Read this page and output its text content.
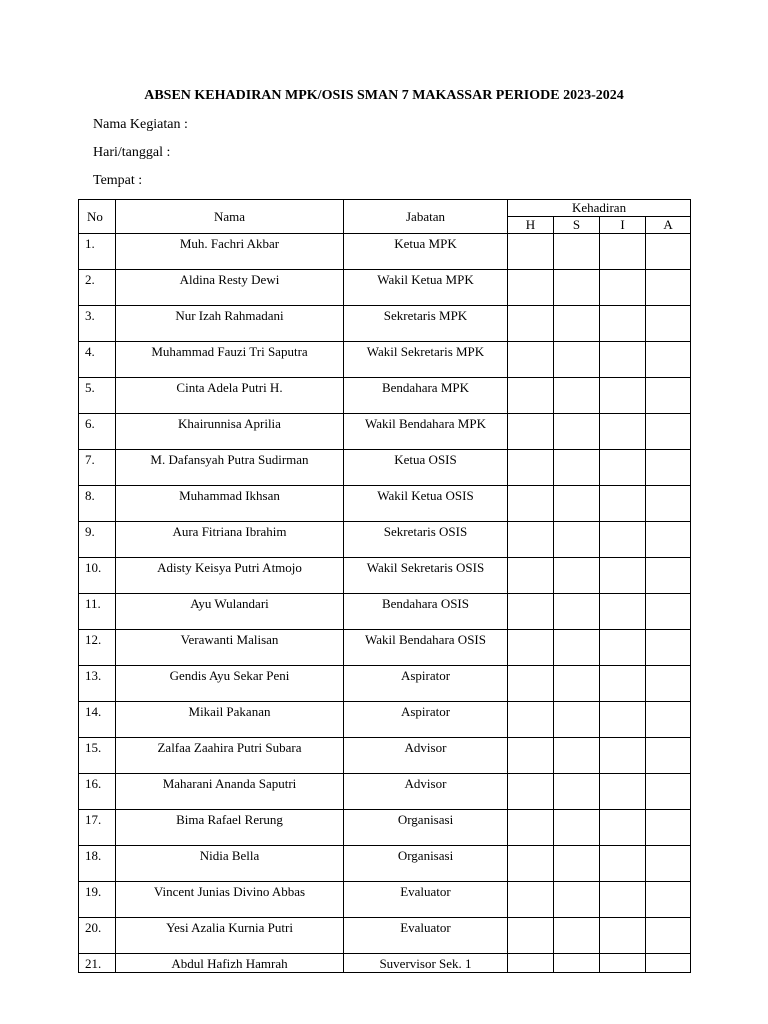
ABSEN KEHADIRAN MPK/OSIS SMAN 7 MAKASSAR PERIODE 2023-2024
Nama Kegiatan :
Hari/tanggal :
Tempat :
No	Nama	Jabatan	Kehadiran			
			H	S	I	A
1.	Muh. Fachri Akbar	Ketua MPK				
2.	Aldina Resty Dewi	Wakil Ketua MPK				
3.	Nur Izah Rahmadani	Sekretaris MPK				
4.	Muhammad Fauzi Tri Saputra	Wakil Sekretaris MPK				
5.	Cinta Adela Putri H.	Bendahara MPK				
6.	Khairunnisa Aprilia	Wakil Bendahara MPK				
7.	M. Dafansyah Putra Sudirman	Ketua OSIS				
8.	Muhammad Ikhsan	Wakil Ketua OSIS				
9.	Aura Fitriana Ibrahim	Sekretaris OSIS				
10.	Adisty Keisya Putri Atmojo	Wakil Sekretaris OSIS				
11.	Ayu Wulandari	Bendahara OSIS				
12.	Verawanti Malisan	Wakil Bendahara OSIS				
13.	Gendis Ayu Sekar Peni	Aspirator				
14.	Mikail Pakanan	Aspirator				
15.	Zalfaa Zaahira Putri Subara	Advisor				
16.	Maharani Ananda Saputri	Advisor				
17.	Bima Rafael Rerung	Organisasi				
18.	Nidia Bella	Organisasi				
19.	Vincent Junias Divino Abbas	Evaluator				
20.	Yesi Azalia Kurnia Putri	Evaluator				
21.	Abdul Hafizh Hamrah	Suvervisor Sek. 1				
